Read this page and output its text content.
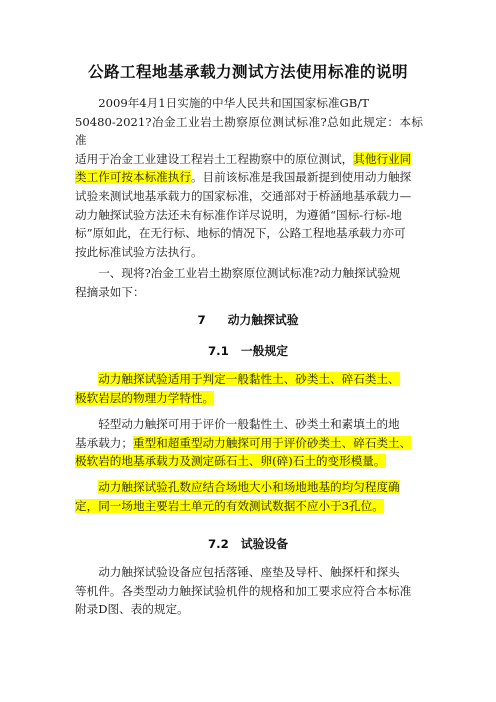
公路工程地基承载力测试方法使用标准的说明
2009年4月1日实施的中华人民共和国国家标准GB/T
50480-2021?冶金工业岩土勘察原位测试标准?总如此规定：本标准
适用于冶金工业建设工程岩土工程勘察中的原位测试，其他行业同
类工作可按本标准执行。目前该标准是我国最新提到使用动力触探
试验来测试地基承载力的国家标准，交通部对于桥涵地基承载力—
动力触探试验方法还未有标准作详尽说明，为遵循“国标-行标-地
标”原如此，在无行标、地标的情况下，公路工程地基承载力亦可
按此标准试验方法执行。
一、现将?冶金工业岩土勘察原位测试标准?动力触探试验规
程摘录如下：
7 动力触探试验
7.1 一般规定
动力触探试验适用于判定一般黏性土、砂类土、碎石类土、
极软岩层的物理力学特性。
轻型动力触探可用于评价一般黏性土、砂类土和素填土的地
基承载力；重型和超重型动力触探可用于评价砂类土、碎石类土、
极软岩的地基承载力及测定砾石土、卵(碎)石土的变形模量。
动力触探试验孔数应结合场地大小和场地地基的均匀程度确
定，同一场地主要岩土单元的有效测试数据不应小于3孔位。
7.2 试验设备
动力触探试验设备应包括落锤、座垫及导杆、触探杆和探头
等机件。各类型动力触探试验机件的规格和加工要求应符合本标准
附录D图、表的规定。
